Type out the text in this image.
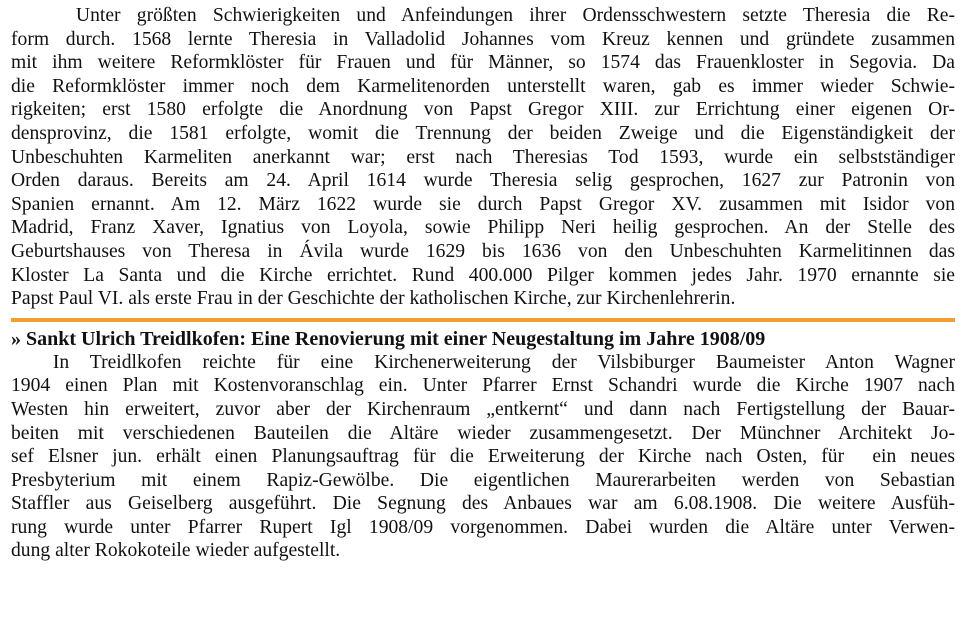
Unter größten Schwierigkeiten und Anfeindungen ihrer Ordensschwestern setzte Theresia die Re-
form durch. 1568 lernte Theresia in Valladolid Johannes vom Kreuz kennen und gründete zusammen
mit ihm weitere Reformklöster für Frauen und für Männer, so 1574 das Frauenkloster in Segovia. Da
die Reformklöster immer noch dem Karmelitenorden unterstellt waren, gab es immer wieder Schwie-
rigkeiten; erst 1580 erfolgte die Anordnung von Papst Gregor XIII. zur Errichtung einer eigenen Or-
densprovinz, die 1581 erfolgte, womit die Trennung der beiden Zweige und die Eigenständigkeit der
Unbeschuhten Karmeliten anerkannt war; erst nach Theresias Tod 1593, wurde ein selbstständiger
Orden daraus. Bereits am 24. April 1614 wurde Theresia selig gesprochen, 1627 zur Patronin von
Spanien ernannt. Am 12. März 1622 wurde sie durch Papst Gregor XV. zusammen mit Isidor von
Madrid, Franz Xaver, Ignatius von Loyola, sowie Philipp Neri heilig gesprochen. An der Stelle des
Geburtshauses von Theresa in Ávila wurde 1629 bis 1636 von den Unbeschuhten Karmelitinnen das
Kloster La Santa und die Kirche errichtet. Rund 400.000 Pilger kommen jedes Jahr. 1970 ernannte sie
Papst Paul VI. als erste Frau in der Geschichte der katholischen Kirche, zur Kirchenlehrerin.
» Sankt Ulrich Treidlkofen: Eine Renovierung mit einer Neugestaltung im Jahre 1908/09
In Treidlkofen reichte für eine Kirchenerweiterung der Vilsbiburger Baumeister Anton Wagner
1904 einen Plan mit Kostenvoranschlag ein. Unter Pfarrer Ernst Schandri wurde die Kirche 1907 nach
Westen hin erweitert, zuvor aber der Kirchenraum „entkernt“ und dann nach Fertigstellung der Bauar-
beiten mit verschiedenen Bauteilen die Altäre wieder zusammengesetzt. Der Münchner Architekt Jo-
sef Elsner jun. erhält einen Planungsauftrag für die Erweiterung der Kirche nach Osten, für  ein neues
Presbyterium mit einem Rapiz-Gewölbe. Die eigentlichen Maurerarbeiten werden von Sebastian
Staffler aus Geiselberg ausgeführt. Die Segnung des Anbaues war am 6.08.1908. Die weitere Ausfüh-
rung wurde unter Pfarrer Rupert Igl 1908/09 vorgenommen. Dabei wurden die Altäre unter Verwen-
dung alter Rokokoteile wieder aufgestellt.
